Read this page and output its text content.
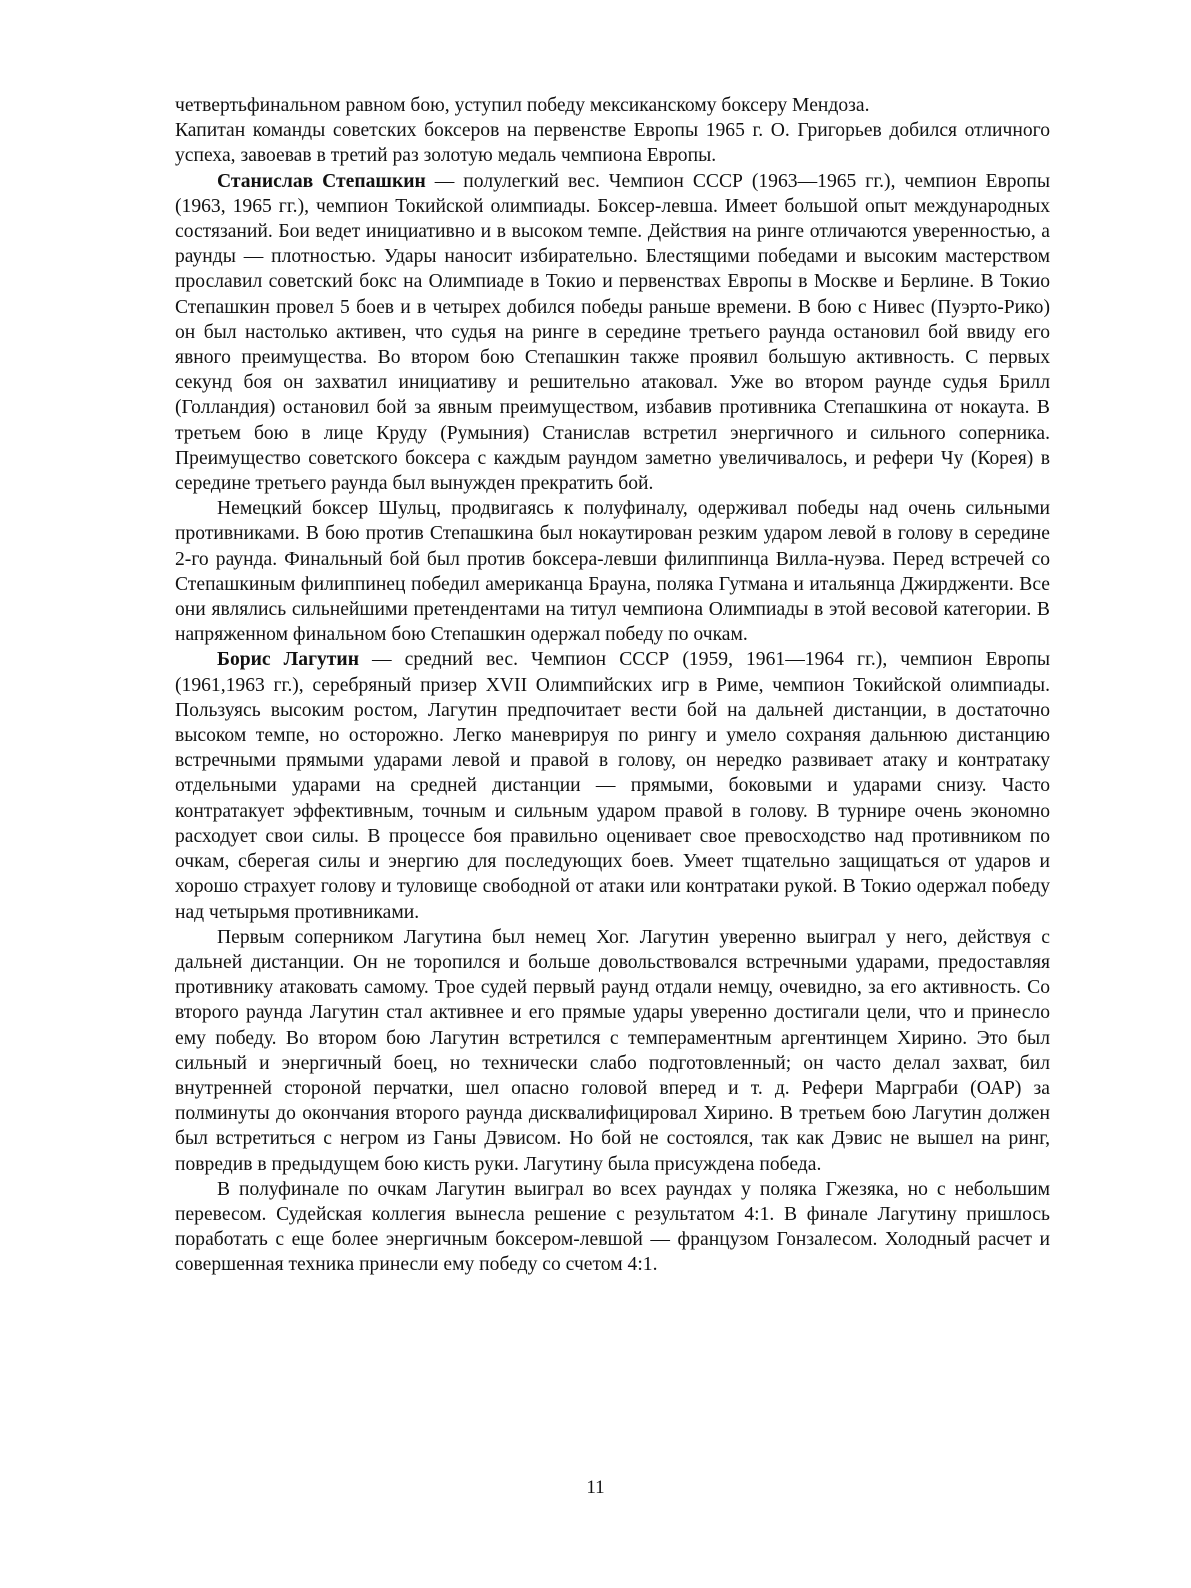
четвертьфинальном равном бою, уступил победу мексиканскому боксеру Мендоза.

Капитан команды советских боксеров на первенстве Европы 1965 г. О. Григорьев добился отличного успеха, завоевав в третий раз золотую медаль чемпиона Европы.

Станислав Степашкин — полулегкий вес. Чемпион СССР (1963—1965 гг.), чемпион Европы (1963, 1965 гг.), чемпион Токийской олимпиады. Боксер-левша. Имеет большой опыт международных состязаний. Бои ведет инициативно и в высоком темпе. Действия на ринге отличаются уверенностью, а раунды — плотностью. Удары наносит избирательно. Блестящими победами и высоким мастерством прославил советский бокс на Олимпиаде в Токио и первенствах Европы в Москве и Берлине. В Токио Степашкин провел 5 боев и в четырех добился победы раньше времени. В бою с Нивес (Пуэрто-Рико) он был настолько активен, что судья на ринге в середине третьего раунда остановил бой ввиду его явного преимущества. Во втором бою Степашкин также проявил большую активность. С первых секунд боя он захватил инициативу и решительно атаковал. Уже во втором раунде судья Брилл (Голландия) остановил бой за явным преимуществом, избавив противника Степашкина от нокаута. В третьем бою в лице Круду (Румыния) Станислав встретил энергичного и сильного соперника. Преимущество советского боксера с каждым раундом заметно увеличивалось, и рефери Чу (Корея) в середине третьего раунда был вынужден прекратить бой.

Немецкий боксер Шульц, продвигаясь к полуфиналу, одерживал победы над очень сильными противниками. В бою против Степашкина был нокаутирован резким ударом левой в голову в середине 2-го раунда. Финальный бой был против боксера-левши филиппинца Вилла-нуэва. Перед встречей со Степашкиным филиппинец победил американца Брауна, поляка Гутмана и итальянца Джирдженти. Все они являлись сильнейшими претендентами на титул чемпиона Олимпиады в этой весовой категории. В напряженном финальном бою Степашкин одержал победу по очкам.

Борис Лагутин — средний вес. Чемпион СССР (1959, 1961—1964 гг.), чемпион Европы (1961,1963 гг.), серебряный призер XVII Олимпийских игр в Риме, чемпион Токийской олимпиады. Пользуясь высоким ростом, Лагутин предпочитает вести бой на дальней дистанции, в достаточно высоком темпе, но осторожно. Легко маневрируя по рингу и умело сохраняя дальнюю дистанцию встречными прямыми ударами левой и правой в голову, он нередко развивает атаку и контратаку отдельными ударами на средней дистанции — прямыми, боковыми и ударами снизу. Часто контратакует эффективным, точным и сильным ударом правой в голову. В турнире очень экономно расходует свои силы. В процессе боя правильно оценивает свое превосходство над противником по очкам, сберегая силы и энергию для последующих боев. Умеет тщательно защищаться от ударов и хорошо страхует голову и туловище свободной от атаки или контратаки рукой. В Токио одержал победу над четырьмя противниками.

Первым соперником Лагутина был немец Хог. Лагутин уверенно выиграл у него, действуя с дальней дистанции. Он не торопился и больше довольствовался встречными ударами, предоставляя противнику атаковать самому. Трое судей первый раунд отдали немцу, очевидно, за его активность. Со второго раунда Лагутин стал активнее и его прямые удары уверенно достигали цели, что и принесло ему победу. Во втором бою Лагутин встретился с темпераментным аргентинцем Хирино. Это был сильный и энергичный боец, но технически слабо подготовленный; он часто делал захват, бил внутренней стороной перчатки, шел опасно головой вперед и т. д. Рефери Марграби (ОАР) за полминуты до окончания второго раунда дисквалифицировал Хирино. В третьем бою Лагутин должен был встретиться с негром из Ганы Дэвисом. Но бой не состоялся, так как Дэвис не вышел на ринг, повредив в предыдущем бою кисть руки. Лагутину была присуждена победа.

В полуфинале по очкам Лагутин выиграл во всех раундах у поляка Гжезяка, но с небольшим перевесом. Судейская коллегия вынесла решение с результатом 4:1. В финале Лагутину пришлось поработать с еще более энергичным боксером-левшой — французом Гонзалесом. Холодный расчет и совершенная техника принесли ему победу со счетом 4:1.

11
